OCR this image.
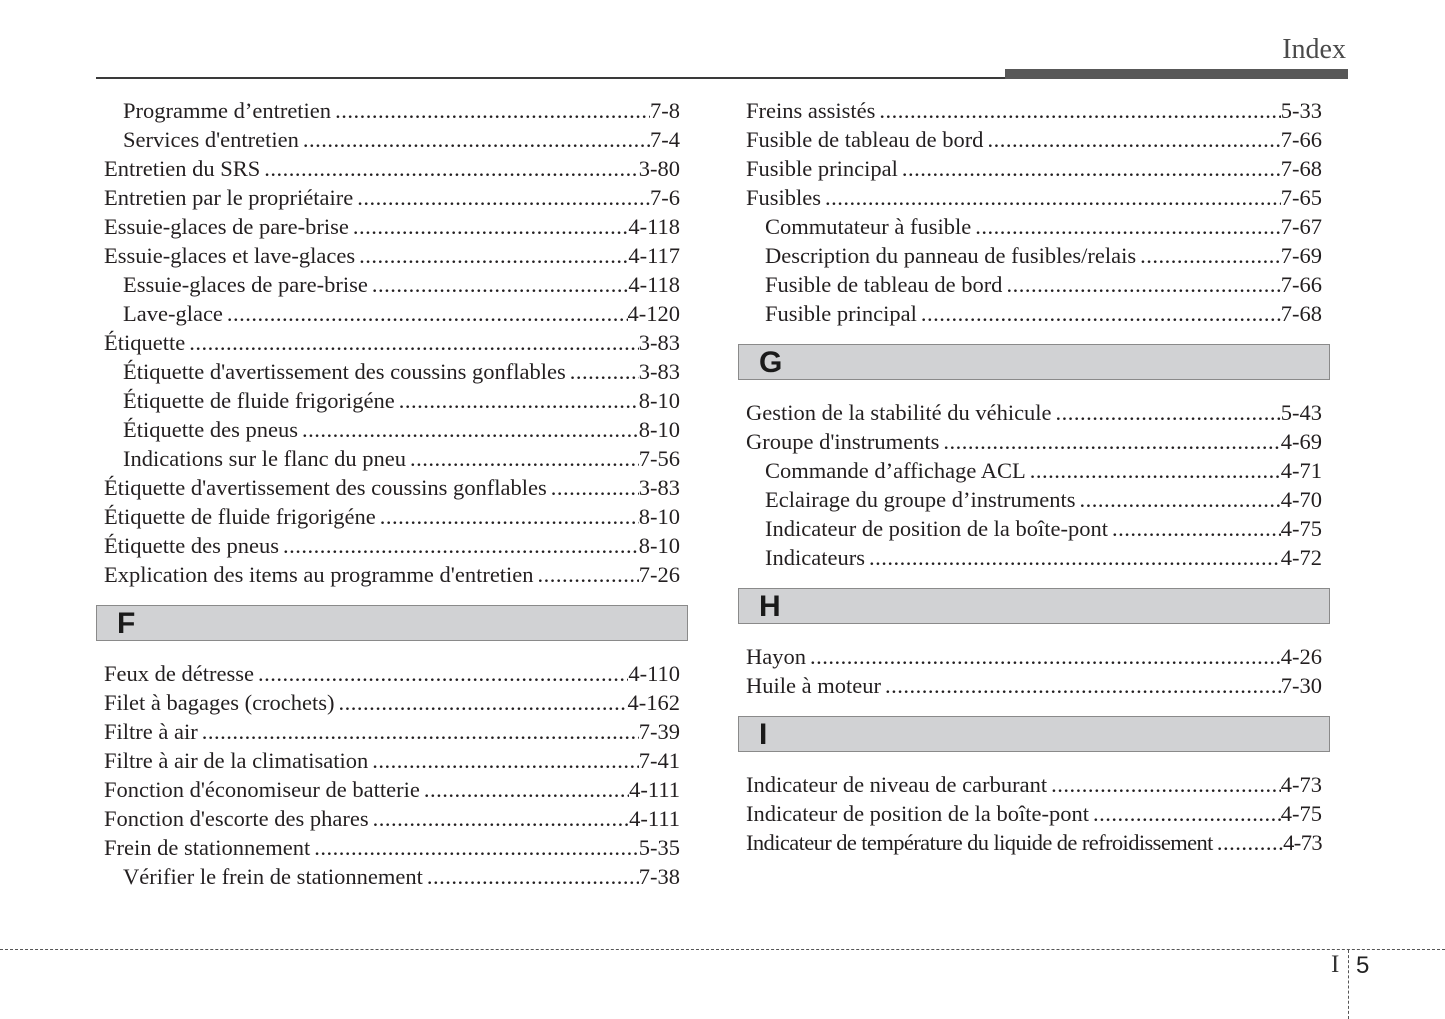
Index
Programme d’entretien .....	7-8
Services d'entretien .....	7-4
Entretien du SRS .....	3-80
Entretien par le propriétaire .....	7-6
Essuie-glaces de pare-brise .....	4-118
Essuie-glaces et lave-glaces .....	4-117
Essuie-glaces de pare-brise .....	4-118
Lave-glace .....	4-120
Étiquette .....	3-83
Étiquette d'avertissement des coussins gonflables .....	3-83
Étiquette de fluide frigorigéne .....	8-10
Étiquette des pneus .....	8-10
Indications sur le flanc du pneu .....	7-56
Étiquette d'avertissement des coussins gonflables .....	3-83
Étiquette de fluide frigorigéne .....	8-10
Étiquette des pneus .....	8-10
Explication des items au programme d'entretien .....	7-26
F
Feux de détresse .....	4-110
Filet à bagages (crochets) .....	4-162
Filtre à air .....	7-39
Filtre à air de la climatisation .....	7-41
Fonction d'économiseur de batterie .....	4-111
Fonction d'escorte des phares .....	4-111
Frein de stationnement .....	5-35
Vérifier le frein de stationnement .....	7-38
Freins assistés .....	5-33
Fusible de tableau de bord .....	7-66
Fusible principal .....	7-68
Fusibles .....	7-65
Commutateur à fusible .....	7-67
Description du panneau de fusibles/relais .....	7-69
Fusible de tableau de bord .....	7-66
Fusible principal .....	7-68
G
Gestion de la stabilité du véhicule .....	5-43
Groupe d'instruments .....	4-69
Commande d’affichage ACL .....	4-71
Eclairage du groupe d’instruments .....	4-70
Indicateur de position de la boîte-pont .....	4-75
Indicateurs .....	4-72
H
Hayon .....	4-26
Huile à moteur .....	7-30
I
Indicateur de niveau de carburant .....	4-73
Indicateur de position de la boîte-pont .....	4-75
Indicateur de température du liquide de refroidissement .....	4-73
I 5
